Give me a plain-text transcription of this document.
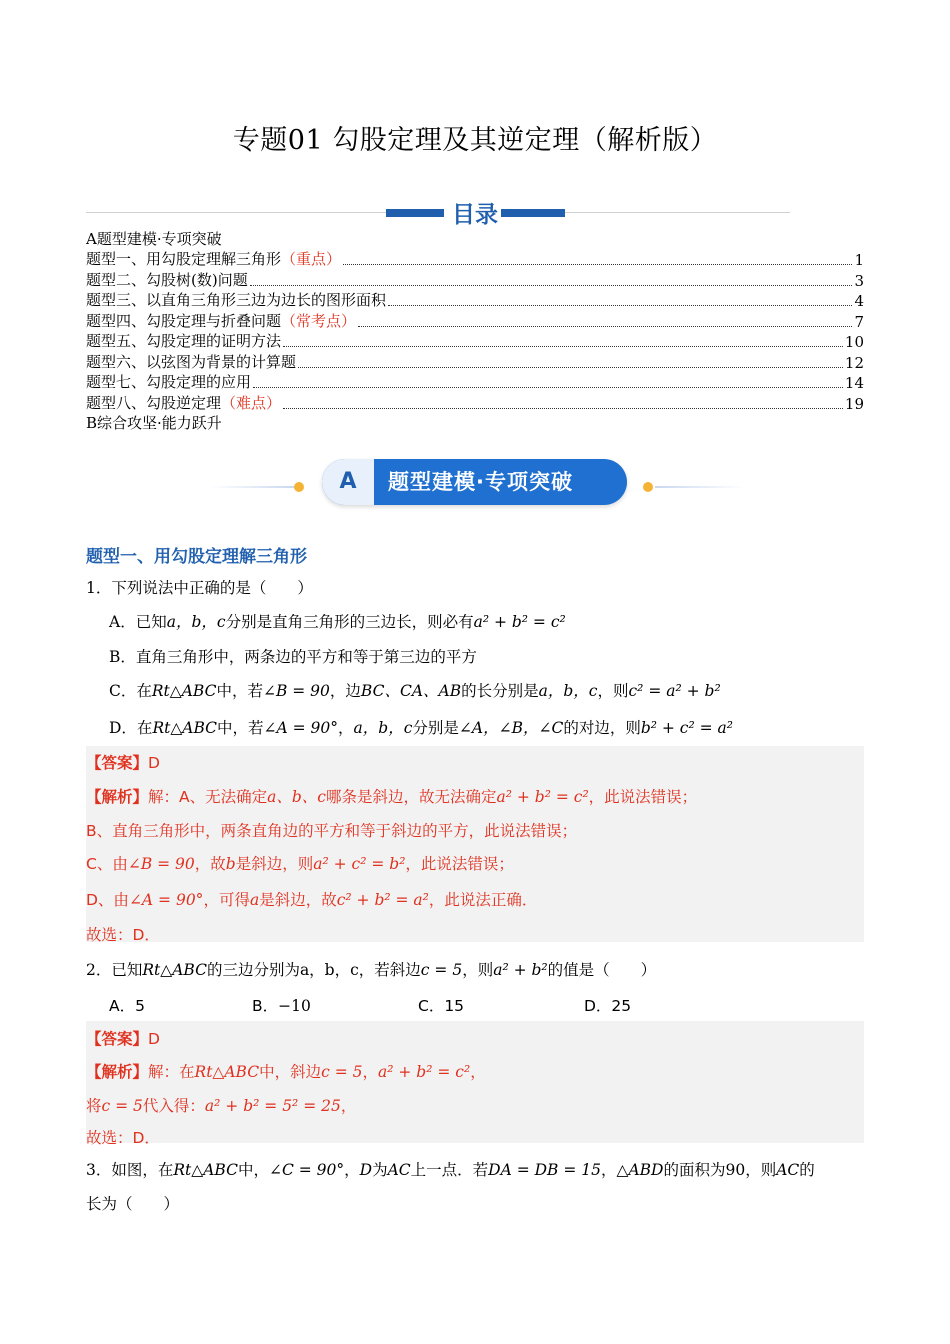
专题01 勾股定理及其逆定理（解析版）
目录
A题型建模·专项突破
题型一、用勾股定理解三角形 （重点）	1
题型二、勾股树(数)问题	3
题型三、以直角三角形三边为边长的图形面积	4
题型四、勾股定理与折叠问题 （常考点）	7
题型五、勾股定理的证明方法	10
题型六、以弦图为背景的计算题	12
题型七、勾股定理的应用	14
题型八、勾股逆定理 （难点）	19
B综合攻坚·能力跃升
A	题型建模·专项突破
题型一、用勾股定理解三角形
1．下列说法中正确的是（　　）
A．已知a，b，c分别是直角三角形的三边长，则必有a² + b² = c²
B．直角三角形中，两条边的平方和等于第三边的平方
C．在Rt△ABC中，若∠B = 90，边BC、CA、AB的长分别是a，b，c，则c² = a² + b²
D．在Rt△ABC中，若∠A = 90°，a，b，c分别是∠A，∠B，∠C的对边，则b² + c² = a²
【答案】D
【解析】解：A、无法确定a、b、c哪条是斜边，故无法确定a² + b² = c²，此说法错误；
B、直角三角形中，两条直角边的平方和等于斜边的平方，此说法错误；
C、由∠B = 90，故b是斜边，则a² + c² = b²，此说法错误；
D、由∠A = 90°，可得a是斜边，故c² + b² = a²，此说法正确．
故选：D．
2．已知Rt△ABC的三边分别为a，b，c，若斜边c = 5，则a² + b²的值是（　　）
A．5	B．−10	C．15	D．25
【答案】D
【解析】解：在Rt△ABC中，斜边c = 5，a² + b² = c²，
将c = 5代入得：a² + b² = 5² = 25，
故选：D．
3．如图，在Rt△ABC中，∠C = 90°，D为AC上一点．若DA = DB = 15，△ABD的面积为90，则AC的
长为（　　）
